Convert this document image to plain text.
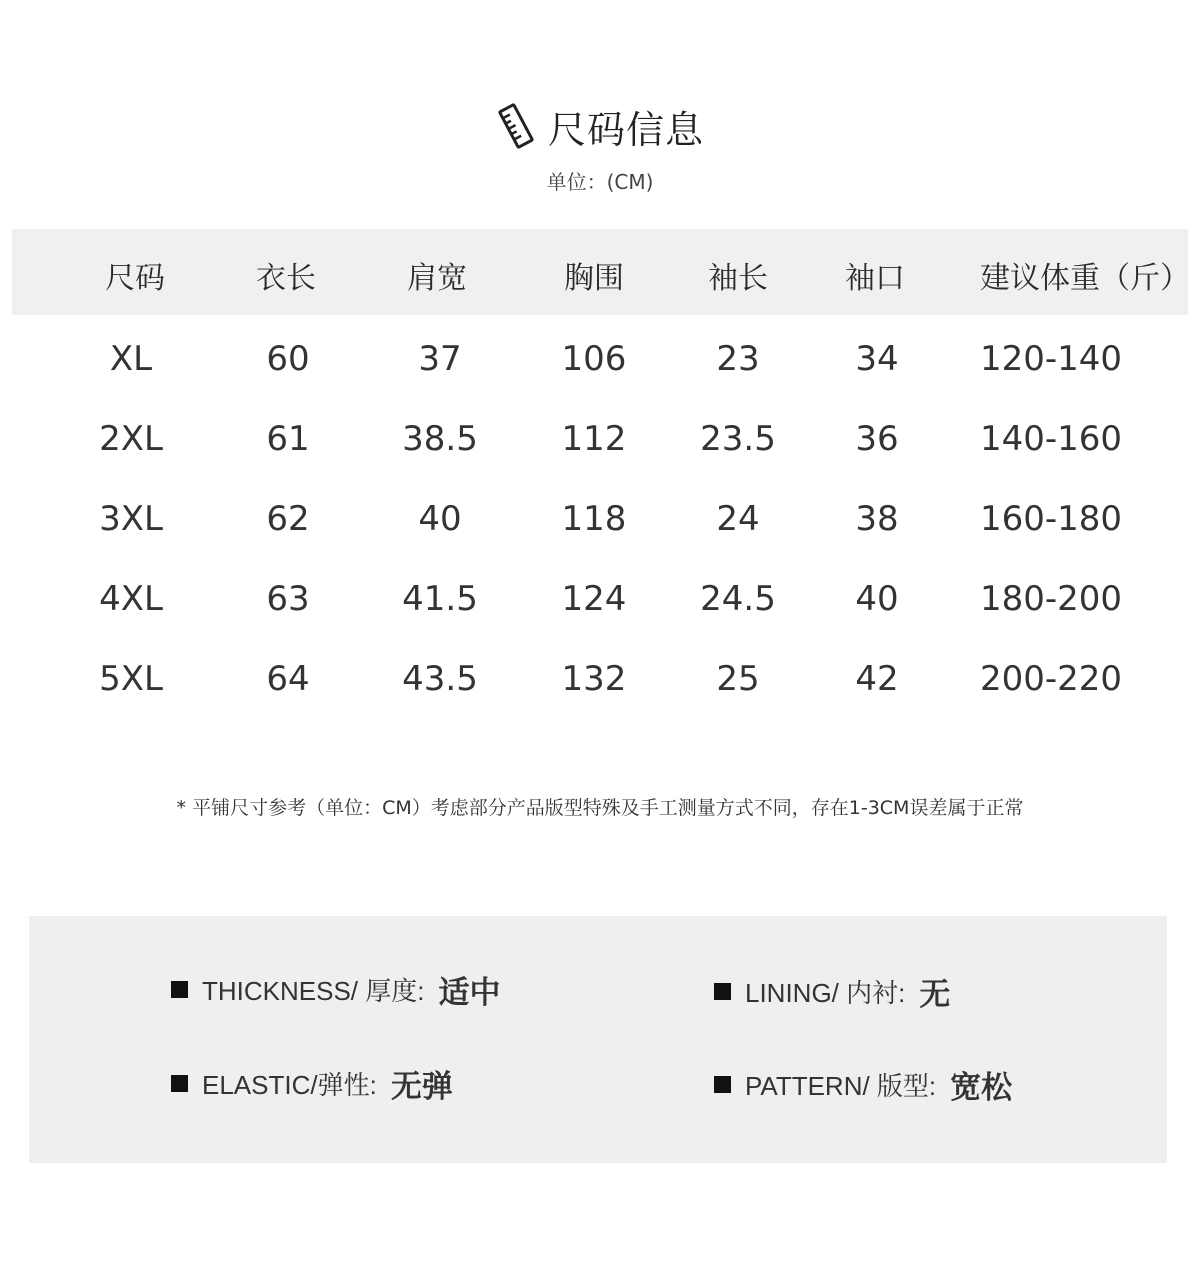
尺码信息
单位：(CM)
尺码	衣长	肩宽	胸围	袖长	袖口	建议体重（斤）
XL	60	37	106	23	34	120-140
2XL	61	38.5	112	23.5	36	140-160
3XL	62	40	118	24	38	160-180
4XL	63	41.5	124	24.5	40	180-200
5XL	64	43.5	132	25	42	200-220
* 平铺尺寸参考（单位：CM）考虑部分产品版型特殊及手工测量方式不同，存在1-3CM误差属于正常
THICKNESS/ 厚度: 适中	LINING/ 内衬: 无
ELASTIC/弹性: 无弹	PATTERN/ 版型: 宽松
